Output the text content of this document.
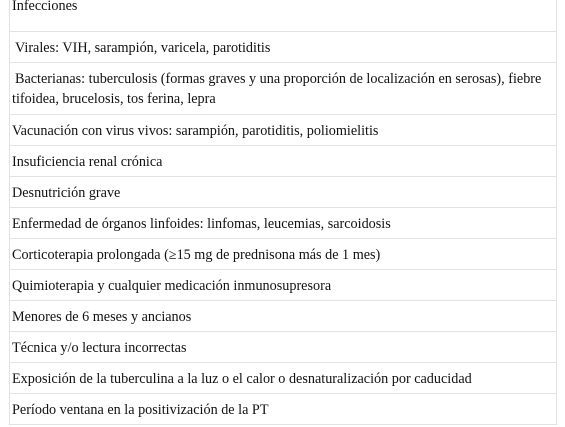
Infecciones
Virales: VIH, sarampión, varicela, parotiditis
Bacterianas: tuberculosis (formas graves y una proporción de localización en serosas), fiebre tifoidea, brucelosis, tos ferina, lepra
Vacunación con virus vivos: sarampión, parotiditis, poliomielitis
Insuficiencia renal crónica
Desnutrición grave
Enfermedad de órganos linfoides: linfomas, leucemias, sarcoidosis
Corticoterapia prolongada (≥15 mg de prednisona más de 1 mes)
Quimioterapia y cualquier medicación inmunosupresora
Menores de 6 meses y ancianos
Técnica y/o lectura incorrectas
Exposición de la tuberculina a la luz o el calor o desnaturalización por caducidad
Período ventana en la positivización de la PT
